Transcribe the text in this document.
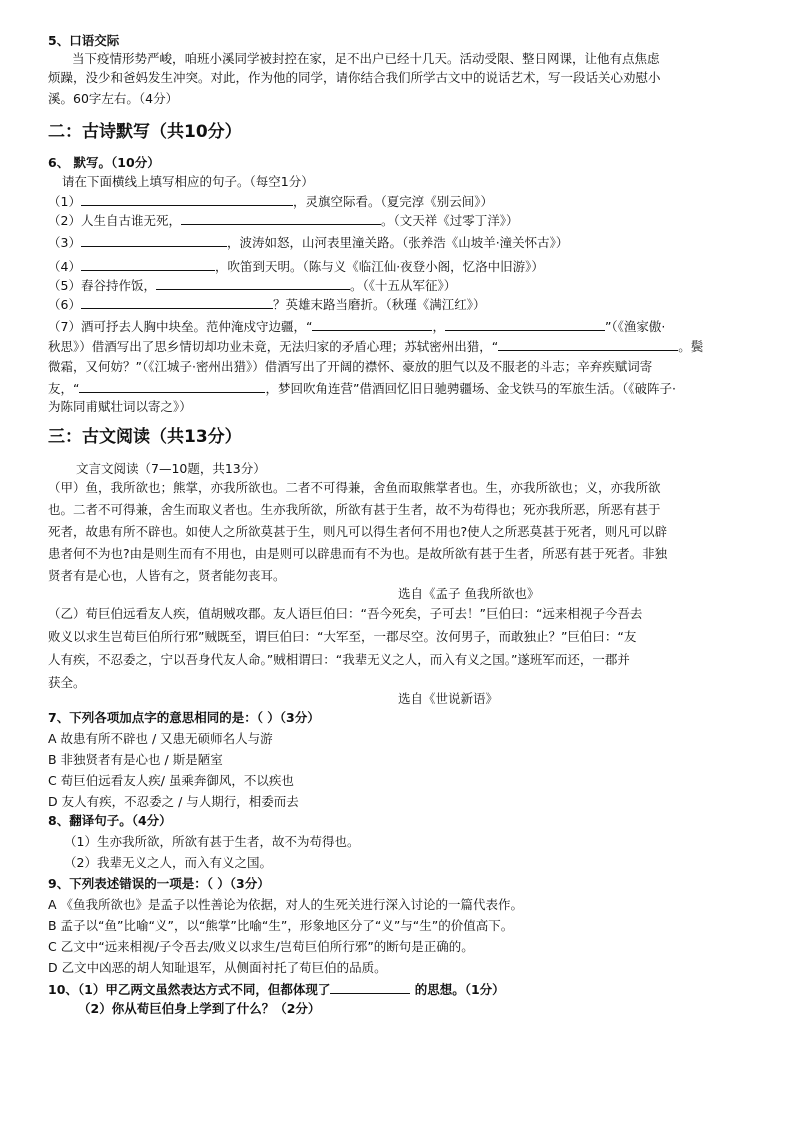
5、口语交际
当下疫情形势严峻，咱班小溪同学被封控在家，足不出户已经十几天。活动受限、整日网课，让他有点焦虑
烦躁，没少和爸妈发生冲突。对此，作为他的同学，请你结合我们所学古文中的说话艺术，写一段话关心劝慰小
溪。60字左右。（4分）
二：古诗默写（共10分）
6、 默写。（10分）
请在下面横线上填写相应的句子。（每空1分）
（1）	，灵旗空际看。（夏完淳《别云间》）
（2）人生自古谁无死，	。（文天祥《过零丁洋》）
（3）	，波涛如怒，山河表里潼关路。（张养浩《山坡羊·潼关怀古》）
（4）	，吹笛到天明。（陈与义《临江仙·夜登小阁，忆洛中旧游》）
（5）舂谷持作饭，	。（《十五从军征》）
（6）	？英雄末路当磨折。（秋瑾《满江红》）
（7）酒可抒去人胸中块垒。范仲淹戍守边疆，“	，	”（《渔家傲·
秋思》）借酒写出了思乡情切却功业未竟，无法归家的矛盾心理；苏轼密州出猎，“	。鬓
微霜，又何妨？”（《江城子·密州出猎》）借酒写出了开阔的襟怀、豪放的胆气以及不服老的斗志；辛弃疾赋词寄
友，“	，梦回吹角连营”借酒回忆旧日驰骋疆场、金戈铁马的军旅生活。（《破阵子·
为陈同甫赋壮词以寄之》）
三：古文阅读（共13分）
文言文阅读（7—10题，共13分）
（甲）鱼，我所欲也；熊掌，亦我所欲也。二者不可得兼，舍鱼而取熊掌者也。生，亦我所欲也；义，亦我所欲
也。二者不可得兼，舍生而取义者也。生亦我所欲，所欲有甚于生者，故不为苟得也；死亦我所恶，所恶有甚于
死者，故患有所不辟也。如使人之所欲莫甚于生，则凡可以得生者何不用也?使人之所恶莫甚于死者，则凡可以辟
患者何不为也?由是则生而有不用也，由是则可以辟患而有不为也。是故所欲有甚于生者，所恶有甚于死者。非独
贤者有是心也，人皆有之，贤者能勿丧耳。
选自《孟子 鱼我所欲也》
（乙）荀巨伯远看友人疾，值胡贼攻郡。友人语巨伯曰：“吾今死矣，子可去！”巨伯曰：“远来相视子今吾去
败义以求生岂荀巨伯所行邪”贼既至，谓巨伯曰：“大军至，一郡尽空。汝何男子，而敢独止？”巨伯曰：“友
人有疾，不忍委之，宁以吾身代友人命。”贼相谓曰：“我辈无义之人，而入有义之国。”遂班军而还，一郡并
获全。
选自《世说新语》
7、下列各项加点字的意思相同的是：（ ）（3分）
A 故患有所不辟也 / 又患无硕师名人与游
B 非独贤者有是心也 / 斯是陋室
C 荀巨伯远看友人疾/ 虽乘奔御风，不以疾也
D 友人有疾，不忍委之 / 与人期行，相委而去
8、翻译句子。（4分）
（1）生亦我所欲，所欲有甚于生者，故不为苟得也。
（2）我辈无义之人，而入有义之国。
9、下列表述错误的一项是：（ ）（3分）
A 《鱼我所欲也》是孟子以性善论为依据，对人的生死关进行深入讨论的一篇代表作。
B 孟子以“鱼”比喻“义”，以“熊掌”比喻“生”，形象地区分了“义”与“生”的价值高下。
C 乙文中“远来相视/子令吾去/败义以求生/岂荀巨伯所行邪”的断句是正确的。
D 乙文中凶恶的胡人知耻退军，从侧面衬托了荀巨伯的品质。
10、（1）甲乙两文虽然表达方式不同，但都体现了	的思想。（1分）
（2）你从荀巨伯身上学到了什么？（2分）
